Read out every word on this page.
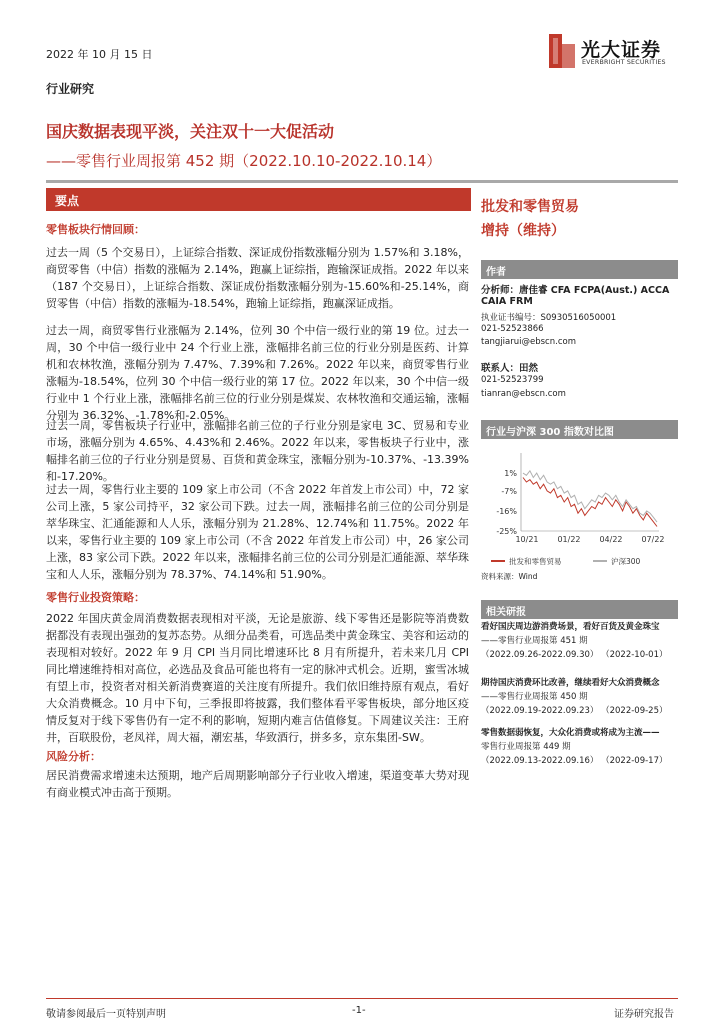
2022 年 10 月 15 日	光大证券
EVERBRIGHT SECURITIES
行业研究
国庆数据表现平淡，关注双十一大促活动
——零售行业周报第 452 期（2022.10.10-2022.10.14）
要点
零售板块行情回顾：

过去一周（5 个交易日），上证综合指数、深证成份指数涨幅分别为 1.57%和 3.18%，商贸零售（中信）指数的涨幅为 2.14%，跑赢上证综指，跑输深证成指。2022 年以来（187 个交易日），上证综合指数、深证成份指数涨幅分别为-15.60%和-25.14%，商贸零售（中信）指数的涨幅为-18.54%，跑输上证综指，跑赢深证成指。

过去一周，商贸零售行业涨幅为 2.14%，位列 30 个中信一级行业的第 19 位。过去一周，30 个中信一级行业中 24 个行业上涨，涨幅排名前三位的行业分别是医药、计算机和农林牧渔，涨幅分别为 7.47%、7.39%和 7.26%。2022 年以来，商贸零售行业涨幅为-18.54%，位列 30 个中信一级行业的第 17 位。2022 年以来，30 个中信一级行业中 1 个行业上涨，涨幅排名前三位的行业分别是煤炭、农林牧渔和交通运输，涨幅分别为 36.32%、-1.78%和-2.05%。

过去一周，零售板块子行业中，涨幅排名前三位的子行业分别是家电 3C、贸易和专业市场，涨幅分别为 4.65%、4.43%和 2.46%。2022 年以来，零售板块子行业中，涨幅排名前三位的子行业分别是贸易、百货和黄金珠宝，涨幅分别为-10.37%、-13.39%和-17.20%。

过去一周，零售行业主要的 109 家上市公司（不含 2022 年首发上市公司）中，72 家公司上涨，5 家公司持平，32 家公司下跌。过去一周，涨幅排名前三位的公司分别是萃华珠宝、汇通能源和人人乐，涨幅分别为 21.28%、12.74%和 11.75%。2022 年以来，零售行业主要的 109 家上市公司（不含 2022 年首发上市公司）中，26 家公司上涨，83 家公司下跌。2022 年以来，涨幅排名前三位的公司分别是汇通能源、萃华珠宝和人人乐，涨幅分别为 78.37%、74.14%和 51.90%。

零售行业投资策略：

2022 年国庆黄金周消费数据表现相对平淡，无论是旅游、线下零售还是影院等消费数据都没有表现出强劲的复苏态势。从细分品类看，可选品类中黄金珠宝、美容和运动的表现相对较好。2022 年 9 月 CPI 当月同比增速环比 8 月有所提升，若未来几月 CPI 同比增速维持相对高位，必选品及食品可能也将有一定的脉冲式机会。近期，蜜雪冰城有望上市，投资者对相关新消费赛道的关注度有所提升。我们依旧维持原有观点，看好大众消费概念。10 月中下旬，三季报即将披露，我们整体看平零售板块，部分地区疫情反复对于线下零售仍有一定不利的影响，短期内难言估值修复。下周建议关注：王府井，百联股份，老凤祥，周大福，潮宏基，华致酒行，拼多多，京东集团-SW。

风险分析：

居民消费需求增速未达预期，地产后周期影响部分子行业收入增速，渠道变革大势对现有商业模式冲击高于预期。

批发和零售贸易
增持（维持）
作者
分析师：唐佳睿 CFA FCPA(Aust.) ACCA
CAIA FRM
执业证书编号：S0930516050001
021-52523866
tangjiarui@ebscn.com
联系人：田然
021-52523799
tianran@ebscn.com
行业与沪深 300 指数对比图
1%
-7%
-16%
-25%
10/21 01/22 04/22 07/22
批发和零售贸易	沪深300
资料来源：Wind
相关研报
看好国庆周边游消费场景，看好百货及黄金珠宝
——零售行业周报第 451 期
（2022.09.26-2022.09.30） （2022-10-01）
期待国庆消费环比改善，继续看好大众消费概念
——零售行业周报第 450 期
（2022.09.19-2022.09.23） （2022-09-25）
零售数据弱恢复，大众化消费或将成为主流——
零售行业周报第 449 期
（2022.09.13-2022.09.16） （2022-09-17）
敬请参阅最后一页特别声明	-1-	证券研究报告
